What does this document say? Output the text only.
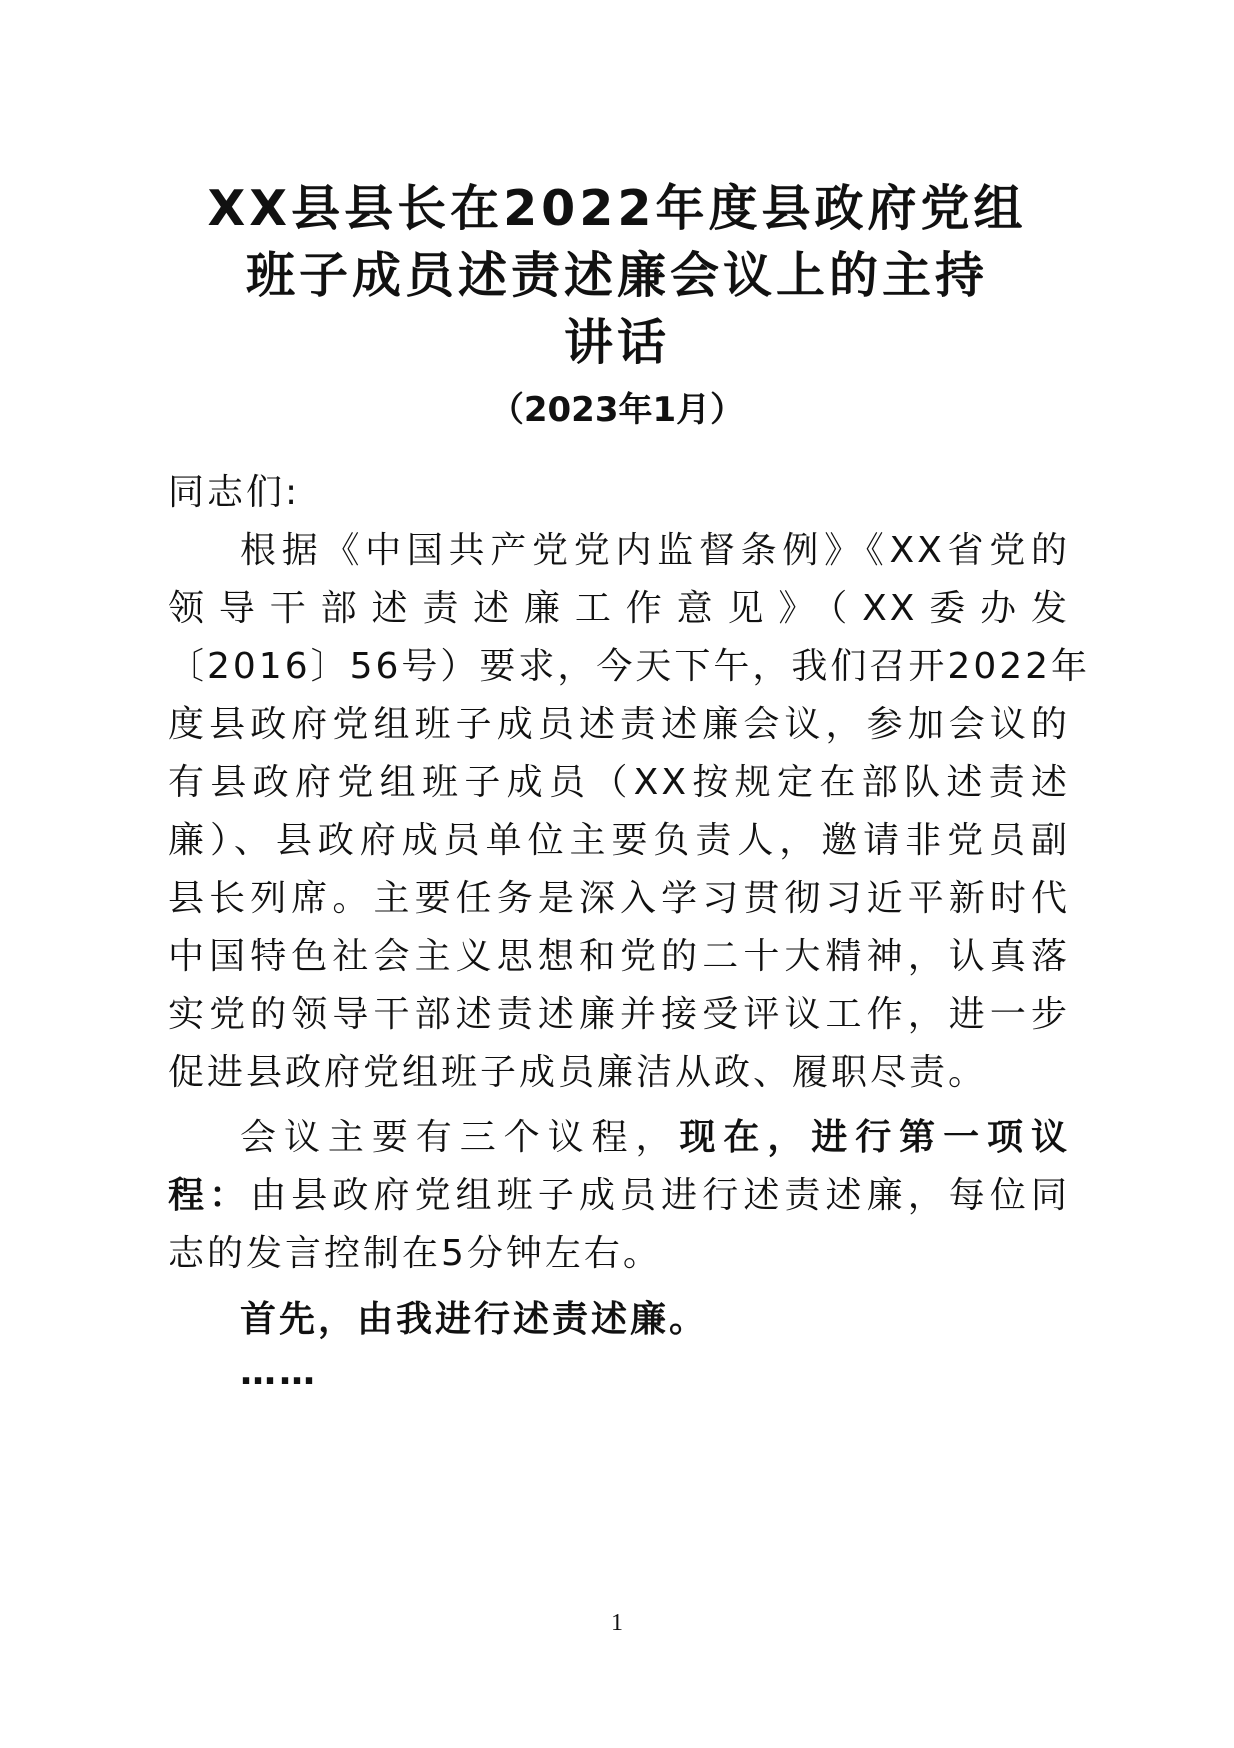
XX县县长在2022年度县政府党组
班子成员述责述廉会议上的主持
讲话

（2023年1月）

同志们:

根据《中国共产党党内监督条例》《XX省党的

领导干部述责述廉工作意见》（XX委办发

〔2016〕56号）要求，今天下午，我们召开2022年

度县政府党组班子成员述责述廉会议，参加会议的

有县政府党组班子成员（XX按规定在部队述责述

廉）、县政府成员单位主要负责人，邀请非党员副

县长列席。主要任务是深入学习贯彻习近平新时代

中国特色社会主义思想和党的二十大精神，认真落

实党的领导干部述责述廉并接受评议工作，进一步

促进县政府党组班子成员廉洁从政、履职尽责。

会议主要有三个议程，现在，进行第一项议

程：由县政府党组班子成员进行述责述廉，每位同

志的发言控制在5分钟左右。

首先，由我进行述责述廉。

……

1
